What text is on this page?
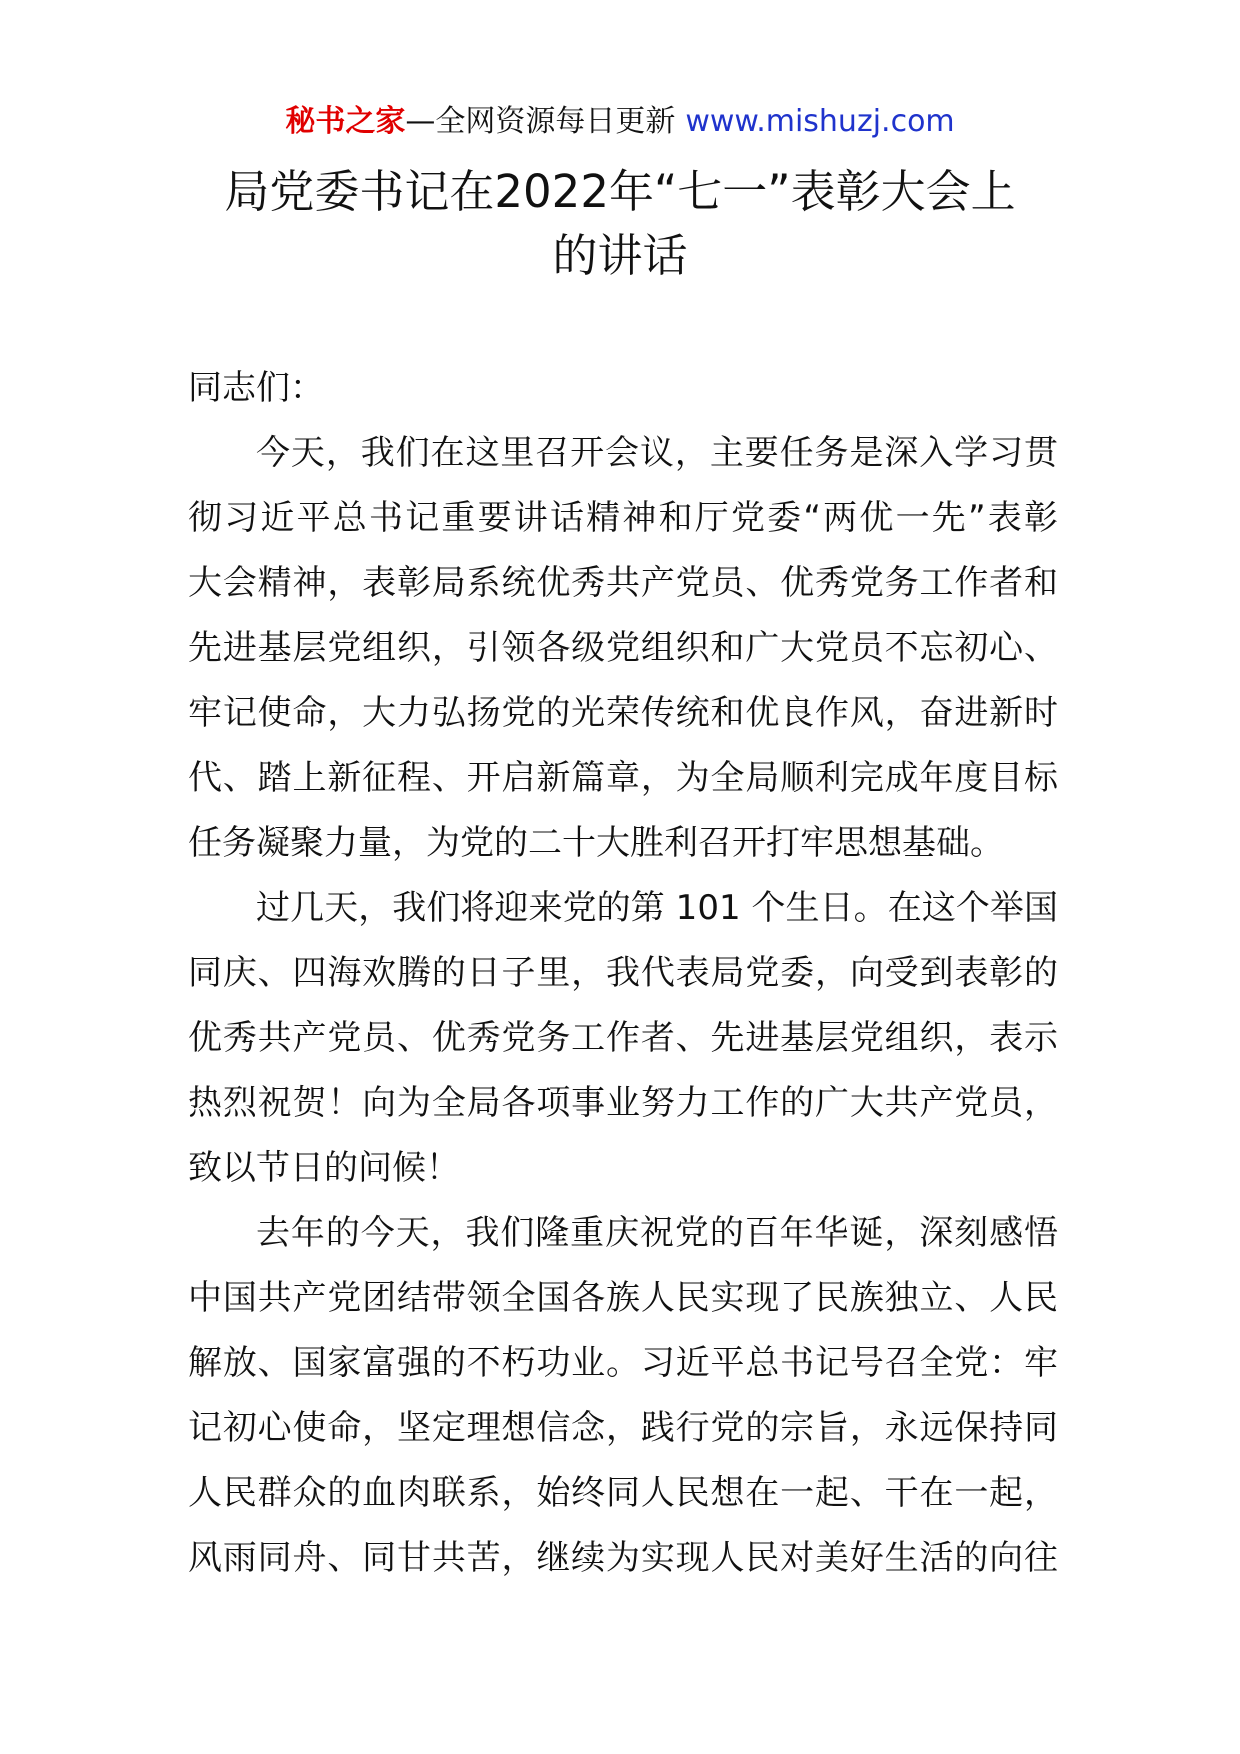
秘书之家—全网资源每日更新 www.mishuzj.com
局党委书记在2022年“七一”表彰大会上
的讲话
同志们：
今天，我们在这里召开会议，主要任务是深入学习贯
彻习近平总书记重要讲话精神和厅党委“两优一先”表彰
大会精神，表彰局系统优秀共产党员、优秀党务工作者和
先进基层党组织，引领各级党组织和广大党员不忘初心、
牢记使命，大力弘扬党的光荣传统和优良作风，奋进新时
代、踏上新征程、开启新篇章，为全局顺利完成年度目标
任务凝聚力量，为党的二十大胜利召开打牢思想基础。
过几天，我们将迎来党的第 101 个生日。在这个举国
同庆、四海欢腾的日子里，我代表局党委，向受到表彰的
优秀共产党员、优秀党务工作者、先进基层党组织，表示
热烈祝贺！向为全局各项事业努力工作的广大共产党员，
致以节日的问候！
去年的今天，我们隆重庆祝党的百年华诞，深刻感悟
中国共产党团结带领全国各族人民实现了民族独立、人民
解放、国家富强的不朽功业。习近平总书记号召全党：牢
记初心使命，坚定理想信念，践行党的宗旨，永远保持同
人民群众的血肉联系，始终同人民想在一起、干在一起，
风雨同舟、同甘共苦，继续为实现人民对美好生活的向往
